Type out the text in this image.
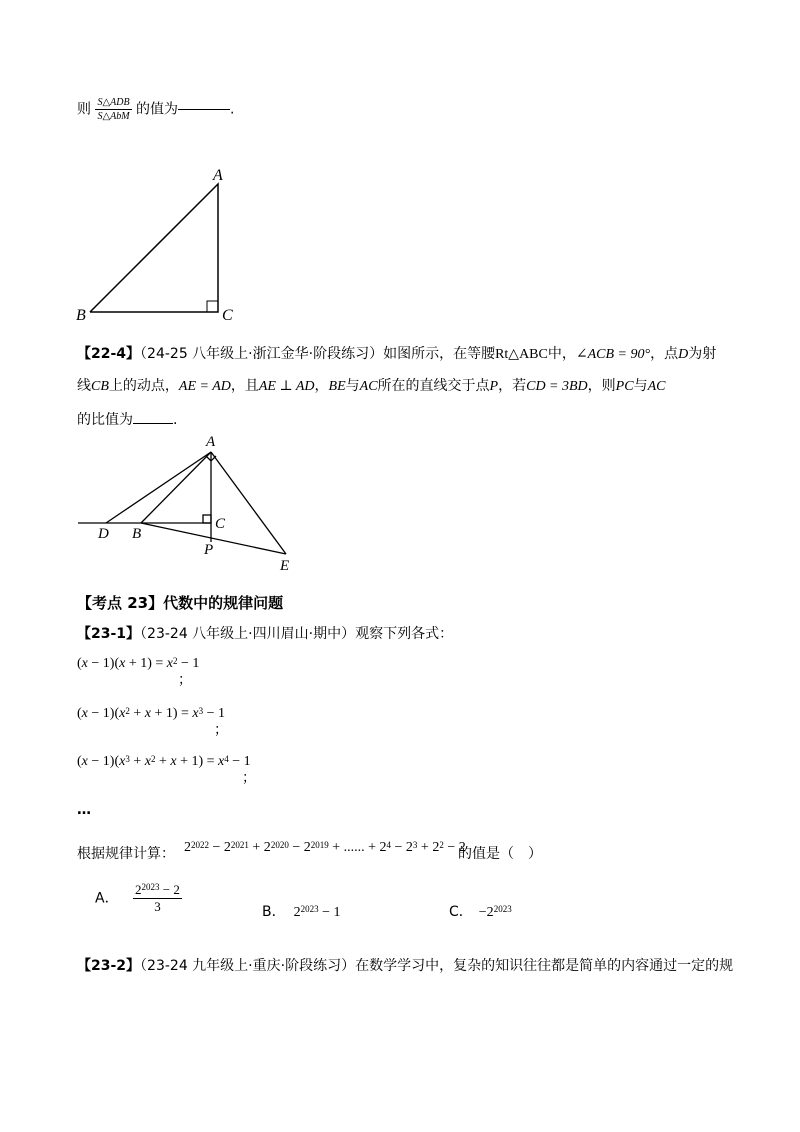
则 $\frac{\text{S△ADB}}{\text{S△AbM}}$ 的值为	.
A
B	C
【22-4】（24-25 八年级上·浙江金华·阶段练习）如图所示，在等腰Rt△ABC中，∠ACB = 90°，点D为射
线CB上的动点，AE = AD，且AE ⊥ AD，BE与AC所在的直线交于点P，若CD = 3BD，则PC与AC
的比值为	.
A
D B
C
P
E
【考点 23】代数中的规律问题
【23-1】（23-24 八年级上·四川眉山·期中）观察下列各式：
$(x - 1)(x + 1) = x^2 - 1$
；
$(x - 1)(x^2 + x + 1) = x^3 - 1$
；
$(x - 1)(x^3 + x^2 + x + 1) = x^4 - 1$
；
…
根据规律计算： $2^{2022} - 2^{2021} + 2^{2020} - 2^{2019}$ + ...... + $2^4 - 2^3 + 2^2 - 2$
的值是（　）
A． $\frac{2^{2023} - 2}{3}$	B． $2^{2023} - 1$	C． $-2^{2023}$
【23-2】（23-24 九年级上·重庆·阶段练习）在数学学习中，复杂的知识往往都是简单的内容通过一定的规
